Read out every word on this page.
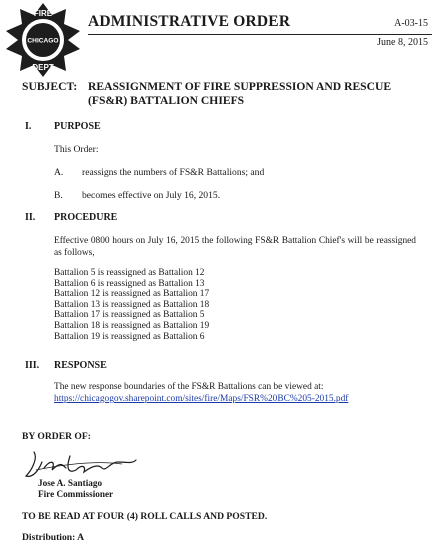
FIRE
CHICAGO
DEPT
ADMINISTRATIVE ORDER	A-03-15
June 8, 2015
SUBJECT: REASSIGNMENT OF FIRE SUPPRESSION AND RESCUE
(FS&R) BATTALION CHIEFS
I. PURPOSE
This Order:
A. reassigns the numbers of FS&R Battalions; and
B. becomes effective on July 16, 2015.
II. PROCEDURE
Effective 0800 hours on July 16, 2015 the following FS&R Battalion Chief's will be reassigned as follows,
Battalion 5 is reassigned as Battalion 12
Battalion 6 is reassigned as Battalion 13
Battalion 12 is reassigned as Battalion 17
Battalion 13 is reassigned as Battalion 18
Battalion 17 is reassigned as Battalion 5
Battalion 18 is reassigned as Battalion 19
Battalion 19 is reassigned as Battalion 6
III. RESPONSE
The new response boundaries of the FS&R Battalions can be viewed at:
https://chicagogov.sharepoint.com/sites/fire/Maps/FSR%20BC%205-2015.pdf
BY ORDER OF:
Jose A. Santiago
Fire Commissioner
TO BE READ AT FOUR (4) ROLL CALLS AND POSTED.
Distribution: A
